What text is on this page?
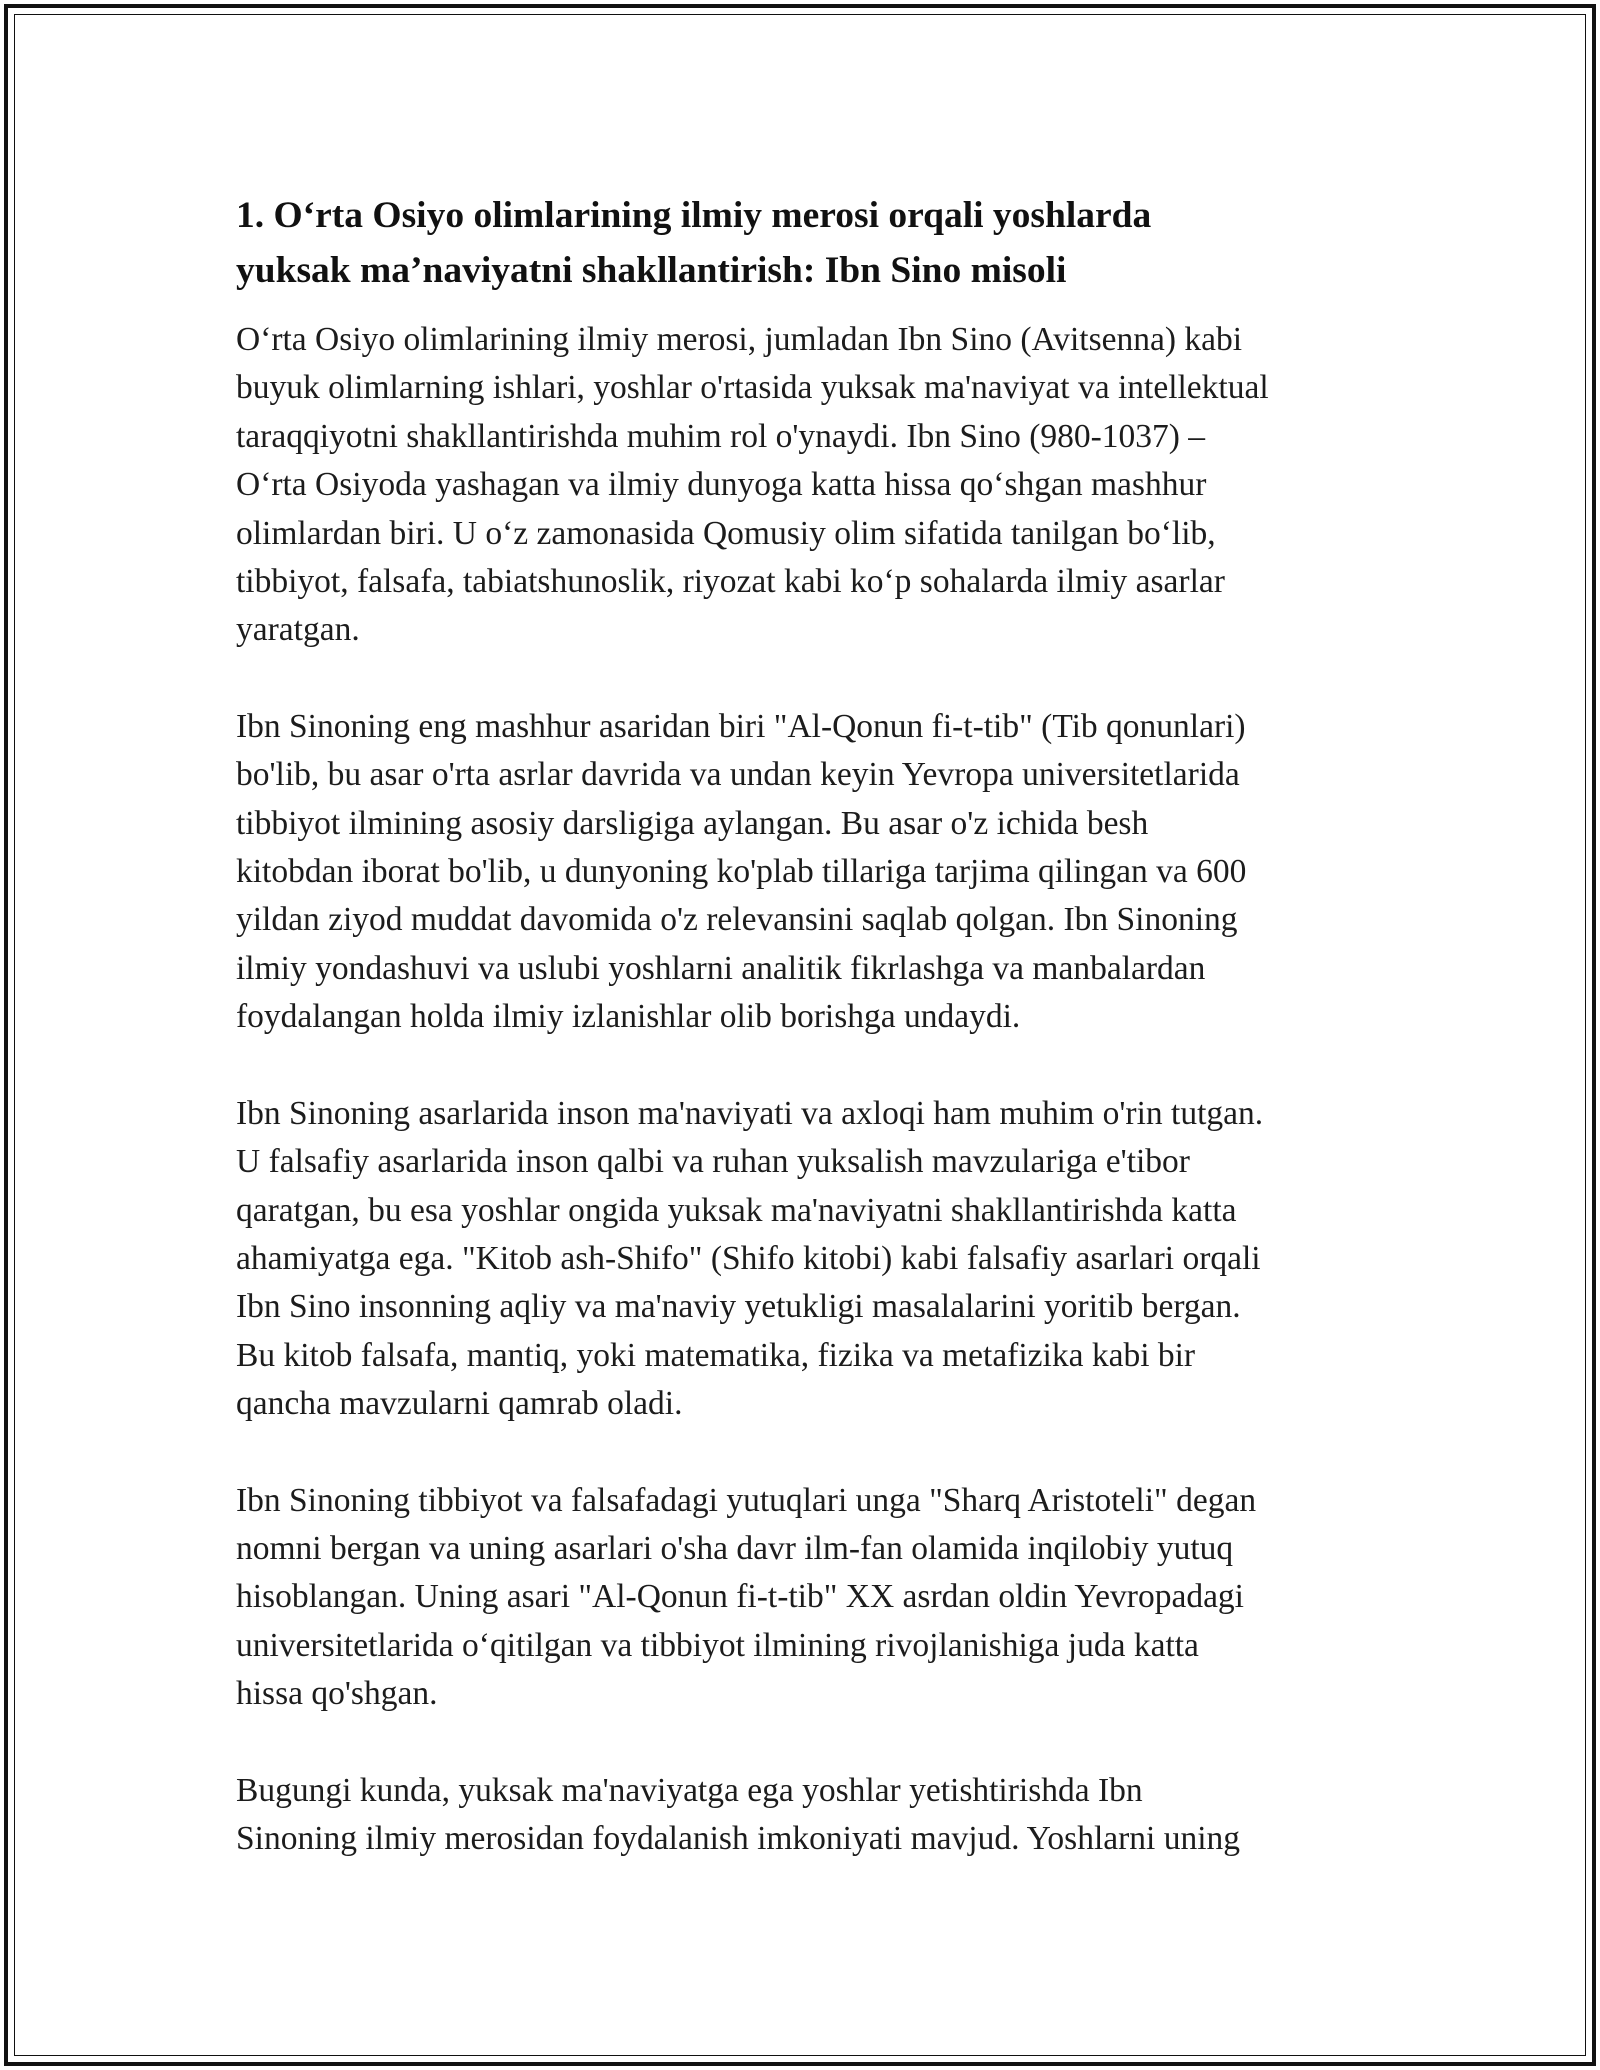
1. O‘rta Osiyo olimlarining ilmiy merosi orqali yoshlarda
yuksak ma’naviyatni shakllantirish: Ibn Sino misoli

O‘rta Osiyo olimlarining ilmiy merosi, jumladan Ibn Sino (Avitsenna) kabi
buyuk olimlarning ishlari, yoshlar o'rtasida yuksak ma'naviyat va intellektual
taraqqiyotni shakllantirishda muhim rol o'ynaydi. Ibn Sino (980-1037) –
O‘rta Osiyoda yashagan va ilmiy dunyoga katta hissa qo‘shgan mashhur
olimlardan biri. U o‘z zamonasida Qomusiy olim sifatida tanilgan bo‘lib,
tibbiyot, falsafa, tabiatshunoslik, riyozat kabi ko‘p sohalarda ilmiy asarlar
yaratgan.

Ibn Sinoning eng mashhur asaridan biri "Al-Qonun fi-t-tib" (Tib qonunlari)
bo'lib, bu asar o'rta asrlar davrida va undan keyin Yevropa universitetlarida
tibbiyot ilmining asosiy darsligiga aylangan. Bu asar o'z ichida besh
kitobdan iborat bo'lib, u dunyoning ko'plab tillariga tarjima qilingan va 600
yildan ziyod muddat davomida o'z relevansini saqlab qolgan. Ibn Sinoning
ilmiy yondashuvi va uslubi yoshlarni analitik fikrlashga va manbalardan
foydalangan holda ilmiy izlanishlar olib borishga undaydi.

Ibn Sinoning asarlarida inson ma'naviyati va axloqi ham muhim o'rin tutgan.
U falsafiy asarlarida inson qalbi va ruhan yuksalish mavzulariga e'tibor
qaratgan, bu esa yoshlar ongida yuksak ma'naviyatni shakllantirishda katta
ahamiyatga ega. "Kitob ash-Shifo" (Shifo kitobi) kabi falsafiy asarlari orqali
Ibn Sino insonning aqliy va ma'naviy yetukligi masalalarini yoritib bergan.
Bu kitob falsafa, mantiq, yoki matematika, fizika va metafizika kabi bir
qancha mavzularni qamrab oladi.

Ibn Sinoning tibbiyot va falsafadagi yutuqlari unga "Sharq Aristoteli" degan
nomni bergan va uning asarlari o'sha davr ilm-fan olamida inqilobiy yutuq
hisoblangan. Uning asari "Al-Qonun fi-t-tib" XX asrdan oldin Yevropadagi
universitetlarida o‘qitilgan va tibbiyot ilmining rivojlanishiga juda katta
hissa qo'shgan.

Bugungi kunda, yuksak ma'naviyatga ega yoshlar yetishtirishda Ibn
Sinoning ilmiy merosidan foydalanish imkoniyati mavjud. Yoshlarni uning
